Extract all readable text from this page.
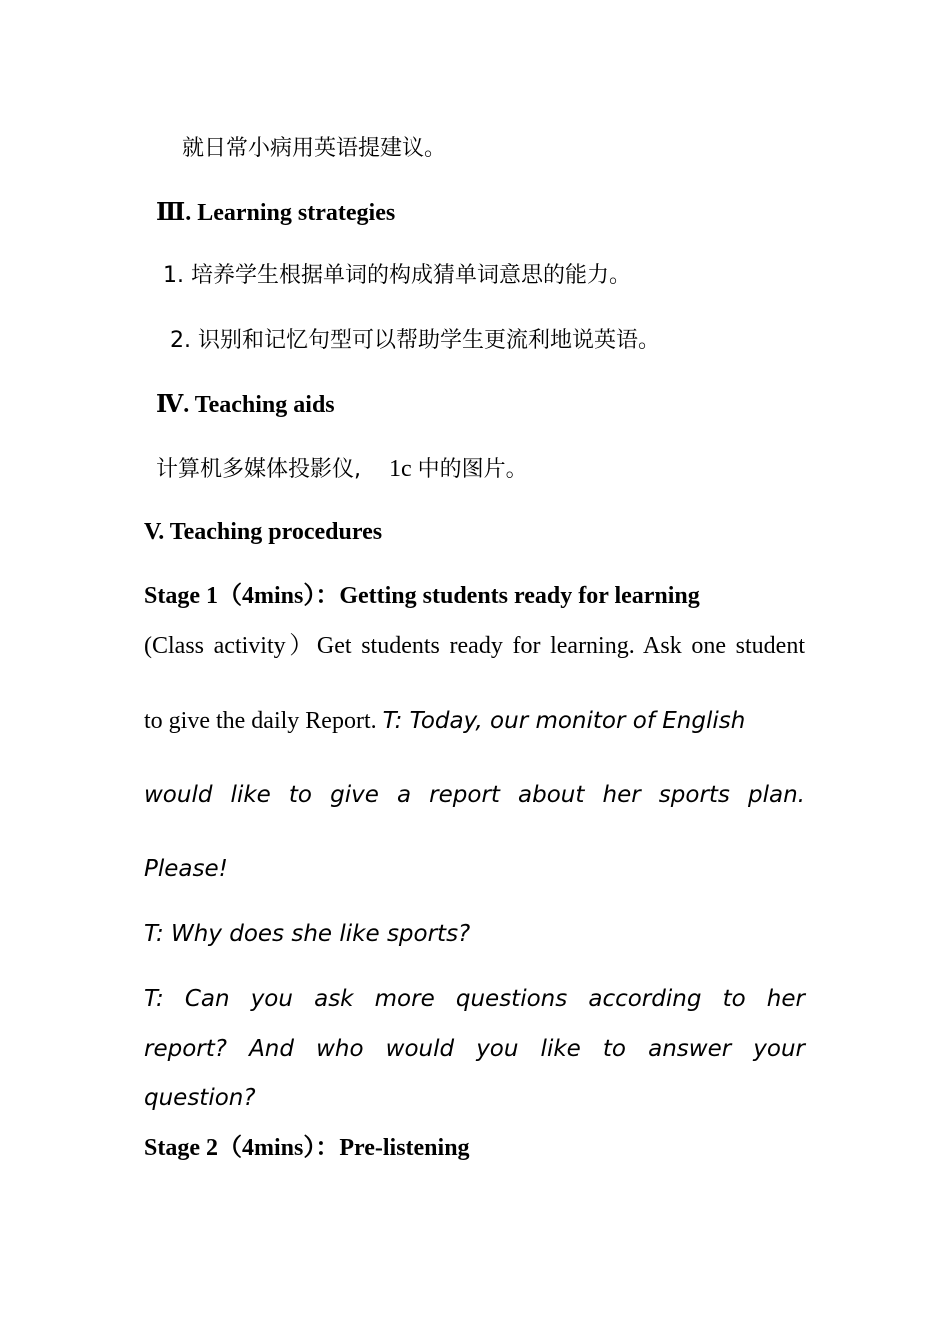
就日常小病用英语提建议。
Ⅲ. Learning strategies
1. 培养学生根据单词的构成猜单词意思的能力。
2. 识别和记忆句型可以帮助学生更流利地说英语。
Ⅳ. Teaching aids
计算机多媒体投影仪, 1c 中的图片。
V. Teaching procedures
Stage 1（4mins）：Getting students ready for learning
(Class activity）Get students ready for learning. Ask one student
to give the daily Report. T: Today, our monitor of English
would like to give a report about her sports plan.
Please!
T: Why does she like sports?
T: Can you ask more questions according to her
report? And who would you like to answer your
question?
Stage 2（4mins）：Pre-listening
